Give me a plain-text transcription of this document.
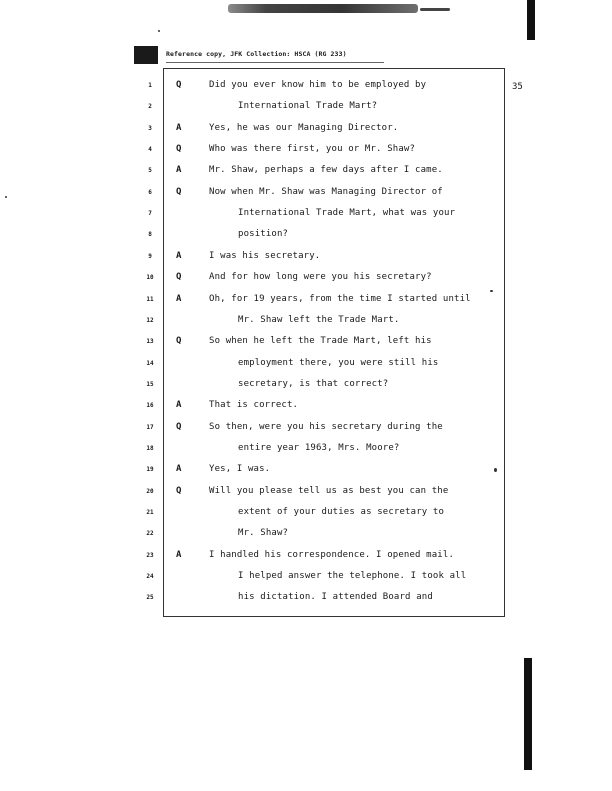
Reference copy, JFK Collection: HSCA (RG 233)
35
1	Q	Did you ever know him to be employed by
2	International Trade Mart?
3	A	Yes, he was our Managing Director.
4	Q	Who was there first, you or Mr. Shaw?
5	A	Mr. Shaw, perhaps a few days after I came.
6	Q	Now when Mr. Shaw was Managing Director of
7	International Trade Mart, what was your
8	position?
9	A	I was his secretary.
10	Q	And for how long were you his secretary?
11	A	Oh, for 19 years, from the time I started until
12	Mr. Shaw left the Trade Mart.
13	Q	So when he left the Trade Mart, left his
14	employment there, you were still his
15	secretary, is that correct?
16	A	That is correct.
17	Q	So then, were you his secretary during the
18	entire year 1963, Mrs. Moore?
19	A	Yes, I was.
20	Q	Will you please tell us as best you can the
21	extent of your duties as secretary to
22	Mr. Shaw?
23	A	I handled his correspondence. I opened mail.
24	I helped answer the telephone. I took all
25	his dictation. I attended Board and
